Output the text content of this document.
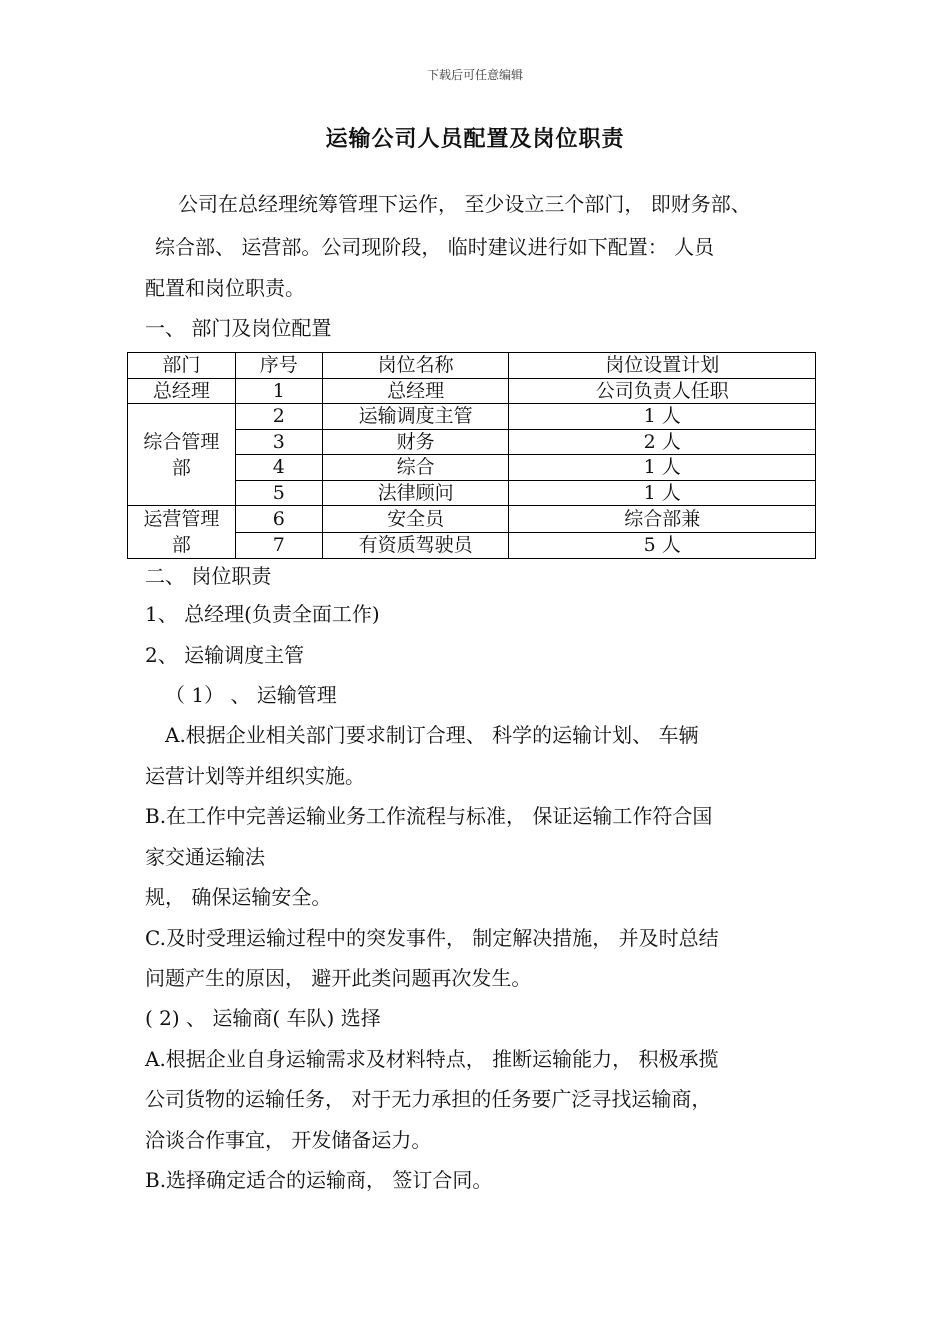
下载后可任意编辑
运输公司人员配置及岗位职责
公司在总经理统筹管理下运作， 至少设立三个部门， 即财务部、
综合部、 运营部。公司现阶段， 临时建议进行如下配置： 人员
配置和岗位职责。
一、 部门及岗位配置
部门	序号	岗位名称	岗位设置计划
总经理	1	总经理	公司负责人任职
综合管理
部	2	运输调度主管	1 人
	3	财务	2 人
	4	综合	1 人
	5	法律顾问	1 人
运营管理
部	6	安全员	综合部兼
	7	有资质驾驶员	5 人
二、 岗位职责
1、 总经理(负责全面工作)
2、 运输调度主管
（ 1） 、 运输管理
A.根据企业相关部门要求制订合理、 科学的运输计划、 车辆
运营计划等并组织实施。
B.在工作中完善运输业务工作流程与标准， 保证运输工作符合国
家交通运输法
规， 确保运输安全。
C.及时受理运输过程中的突发事件， 制定解决措施， 并及时总结
问题产生的原因， 避开此类问题再次发生。
( 2) 、 运输商( 车队) 选择
A.根据企业自身运输需求及材料特点， 推断运输能力， 积极承揽
公司货物的运输任务， 对于无力承担的任务要广泛寻找运输商，
洽谈合作事宜， 开发储备运力。
B.选择确定适合的运输商， 签订合同。
